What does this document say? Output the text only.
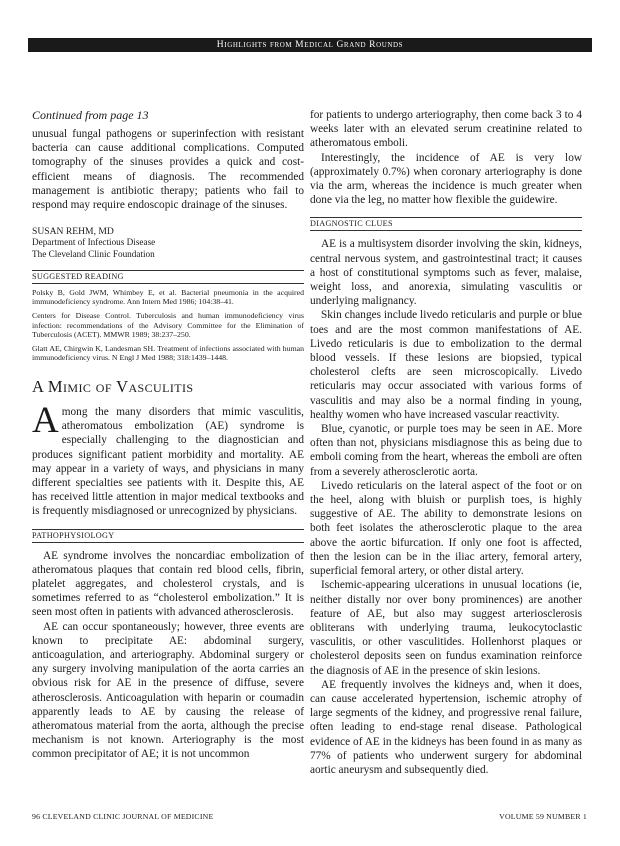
Highlights from Medical Grand Rounds
Continued from page 13

unusual fungal pathogens or superinfection with resistant bacteria can cause additional complications. Computed tomography of the sinuses provides a quick and cost-efficient means of diagnosis. The recommended management is antibiotic therapy; patients who fail to respond may require endoscopic drainage of the sinuses.

SUSAN REHM, MD
Department of Infectious Disease
The Cleveland Clinic Foundation
SUGGESTED READING
Polsky B, Gold JWM, Whimbey E, et al. Bacterial pneumonia in the acquired immunodeficiency syndrome. Ann Intern Med 1986; 104:38–41.
Centers for Disease Control. Tuberculosis and human immunodeficiency virus infection: recommendations of the Advisory Committee for the Elimination of Tuberculosis (ACET). MMWR 1989; 38:237–250.
Glatt AE, Chirgwin K, Landesman SH. Treatment of infections associated with human immunodeficiency virus. N Engl J Med 1988; 318:1439–1448.
A Mimic of Vasculitis

Among the many disorders that mimic vasculitis, atheromatous embolization (AE) syndrome is especially challenging to the diagnostician and produces significant patient morbidity and mortality. AE may appear in a variety of ways, and physicians in many different specialties see patients with it. Despite this, AE has received little attention in major medical textbooks and is frequently misdiagnosed or unrecognized by physicians.

PATHOPHYSIOLOGY

AE syndrome involves the noncardiac embolization of atheromatous plaques that contain red blood cells, fibrin, platelet aggregates, and cholesterol crystals, and is sometimes referred to as “cholesterol embolization.” It is seen most often in patients with advanced atherosclerosis.

AE can occur spontaneously; however, three events are known to precipitate AE: abdominal surgery, anticoagulation, and arteriography. Abdominal surgery or any surgery involving manipulation of the aorta carries an obvious risk for AE in the presence of diffuse, severe atherosclerosis. Anticoagulation with heparin or coumadin apparently leads to AE by causing the release of atheromatous material from the aorta, although the precise mechanism is not known. Arteriography is the most common precipitator of AE; it is not uncommon

for patients to undergo arteriography, then come back 3 to 4 weeks later with an elevated serum creatinine related to atheromatous emboli.

Interestingly, the incidence of AE is very low (approximately 0.7%) when coronary arteriography is done via the arm, whereas the incidence is much greater when done via the leg, no matter how flexible the guidewire.

DIAGNOSTIC CLUES

AE is a multisystem disorder involving the skin, kidneys, central nervous system, and gastrointestinal tract; it causes a host of constitutional symptoms such as fever, malaise, weight loss, and anorexia, simulating vasculitis or underlying malignancy.

Skin changes include livedo reticularis and purple or blue toes and are the most common manifestations of AE. Livedo reticularis is due to embolization to the dermal blood vessels. If these lesions are biopsied, typical cholesterol clefts are seen microscopically. Livedo reticularis may occur associated with various forms of vasculitis and may also be a normal finding in young, healthy women who have increased vascular reactivity.

Blue, cyanotic, or purple toes may be seen in AE. More often than not, physicians misdiagnose this as being due to emboli coming from the heart, whereas the emboli are often from a severely atherosclerotic aorta.

Livedo reticularis on the lateral aspect of the foot or on the heel, along with bluish or purplish toes, is highly suggestive of AE. The ability to demonstrate lesions on both feet isolates the atherosclerotic plaque to the area above the aortic bifurcation. If only one foot is affected, then the lesion can be in the iliac artery, femoral artery, superficial femoral artery, or other distal artery.

Ischemic-appearing ulcerations in unusual locations (ie, neither distally nor over bony prominences) are another feature of AE, but also may suggest arteriosclerosis obliterans with underlying trauma, leukocytoclastic vasculitis, or other vasculitides. Hollenhorst plaques or cholesterol deposits seen on fundus examination reinforce the diagnosis of AE in the presence of skin lesions.

AE frequently involves the kidneys and, when it does, can cause accelerated hypertension, ischemic atrophy of large segments of the kidney, and progressive renal failure, often leading to end-stage renal disease. Pathological evidence of AE in the kidneys has been found in as many as 77% of patients who underwent surgery for abdominal aortic aneurysm and subsequently died.

96 CLEVELAND CLINIC JOURNAL OF MEDICINE	VOLUME 59 NUMBER 1
